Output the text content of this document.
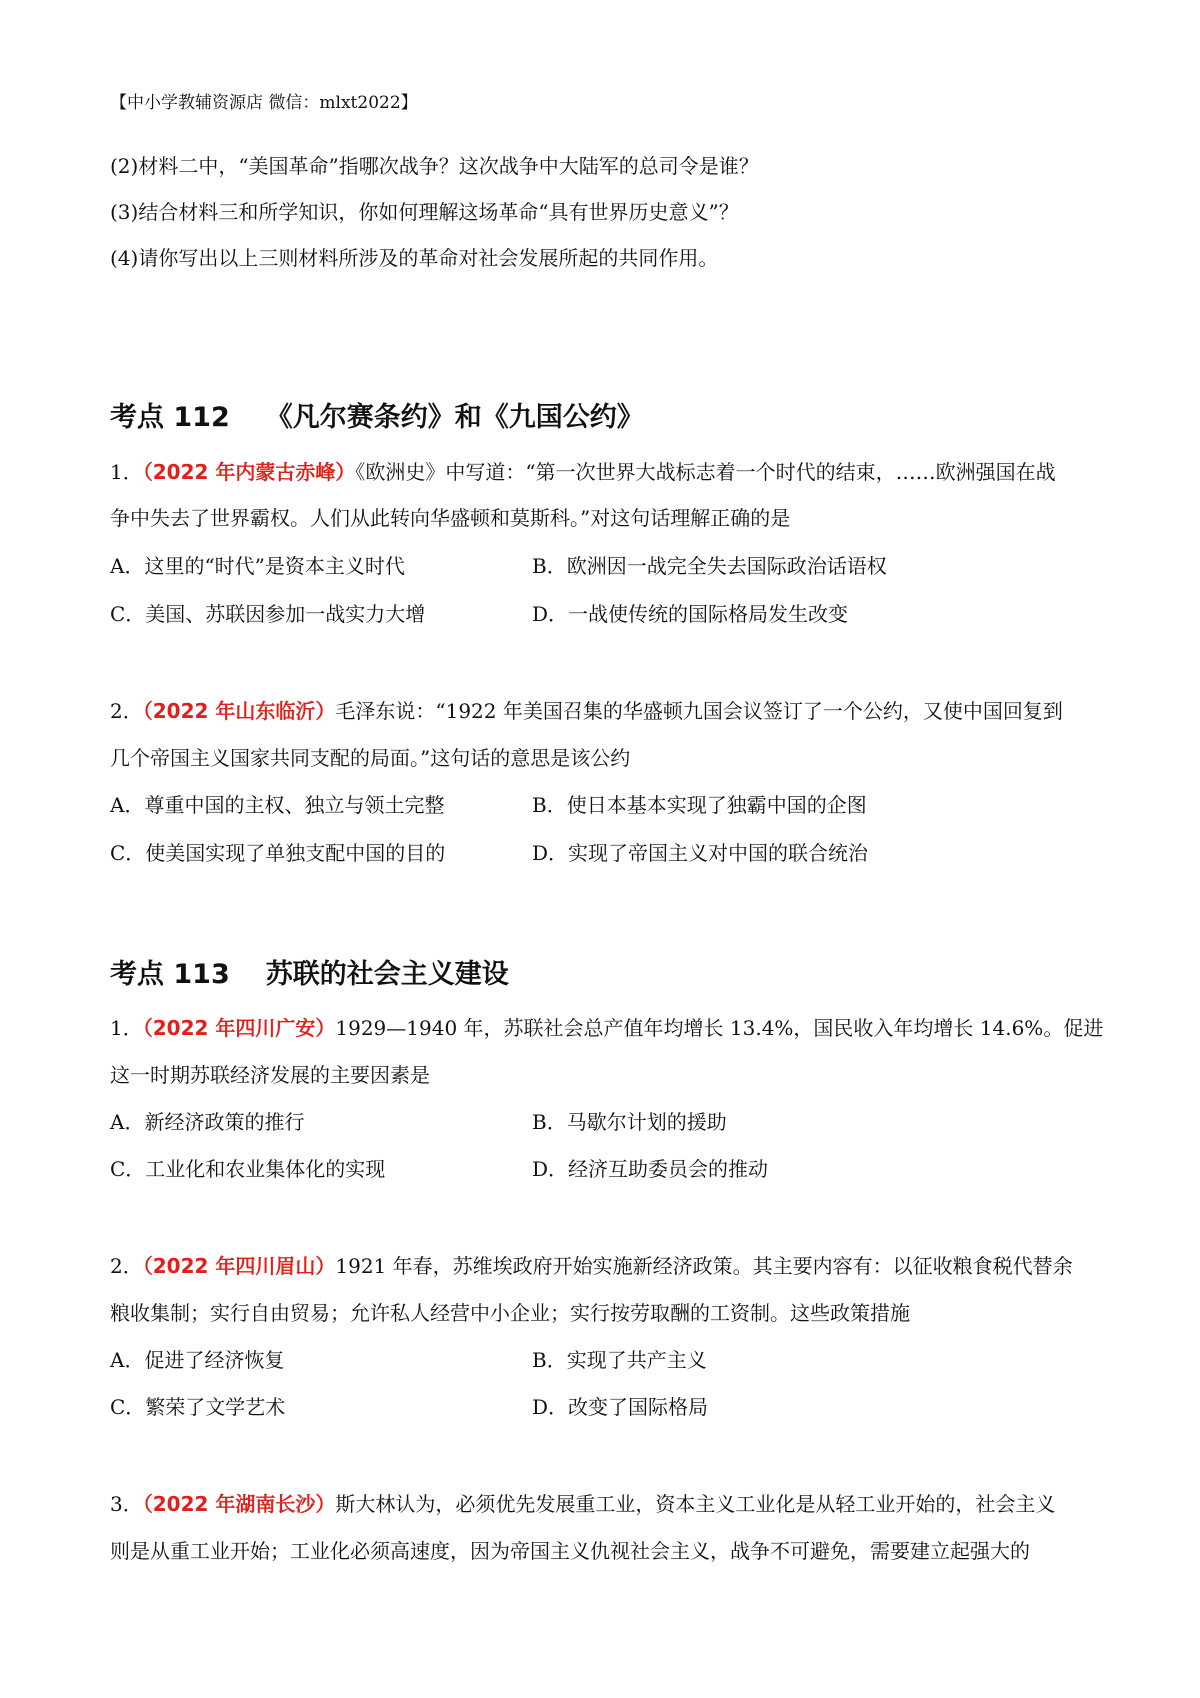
【中小学教辅资源店 微信：mlxt2022】
(2)材料二中，“美国革命”指哪次战争？这次战争中大陆军的总司令是谁？
(3)结合材料三和所学知识，你如何理解这场革命“具有世界历史意义”？
(4)请你写出以上三则材料所涉及的革命对社会发展所起的共同作用。
考点 112 《凡尔赛条约》和《九国公约》
1．（2022 年内蒙古赤峰）《欧洲史》中写道：“第一次世界大战标志着一个时代的结束，……欧洲强国在战
争中失去了世界霸权。人们从此转向华盛顿和莫斯科。”对这句话理解正确的是
A．这里的“时代”是资本主义时代	B．欧洲因一战完全失去国际政治话语权
C．美国、苏联因参加一战实力大增	D．一战使传统的国际格局发生改变
2．（2022 年山东临沂）毛泽东说：“1922 年美国召集的华盛顿九国会议签订了一个公约，又使中国回复到
几个帝国主义国家共同支配的局面。”这句话的意思是该公约
A．尊重中国的主权、独立与领土完整	B．使日本基本实现了独霸中国的企图
C．使美国实现了单独支配中国的目的	D．实现了帝国主义对中国的联合统治
考点 113 苏联的社会主义建设
1．（2022 年四川广安）1929—1940 年，苏联社会总产值年均增长 13.4%，国民收入年均增长 14.6%。促进
这一时期苏联经济发展的主要因素是
A．新经济政策的推行	B．马歇尔计划的援助
C．工业化和农业集体化的实现	D．经济互助委员会的推动
2．（2022 年四川眉山）1921 年春，苏维埃政府开始实施新经济政策。其主要内容有：以征收粮食税代替余
粮收集制；实行自由贸易；允许私人经营中小企业；实行按劳取酬的工资制。这些政策措施
A．促进了经济恢复	B．实现了共产主义
C．繁荣了文学艺术	D．改变了国际格局
3．（2022 年湖南长沙）斯大林认为，必须优先发展重工业，资本主义工业化是从轻工业开始的，社会主义
则是从重工业开始；工业化必须高速度，因为帝国主义仇视社会主义，战争不可避免，需要建立起强大的
